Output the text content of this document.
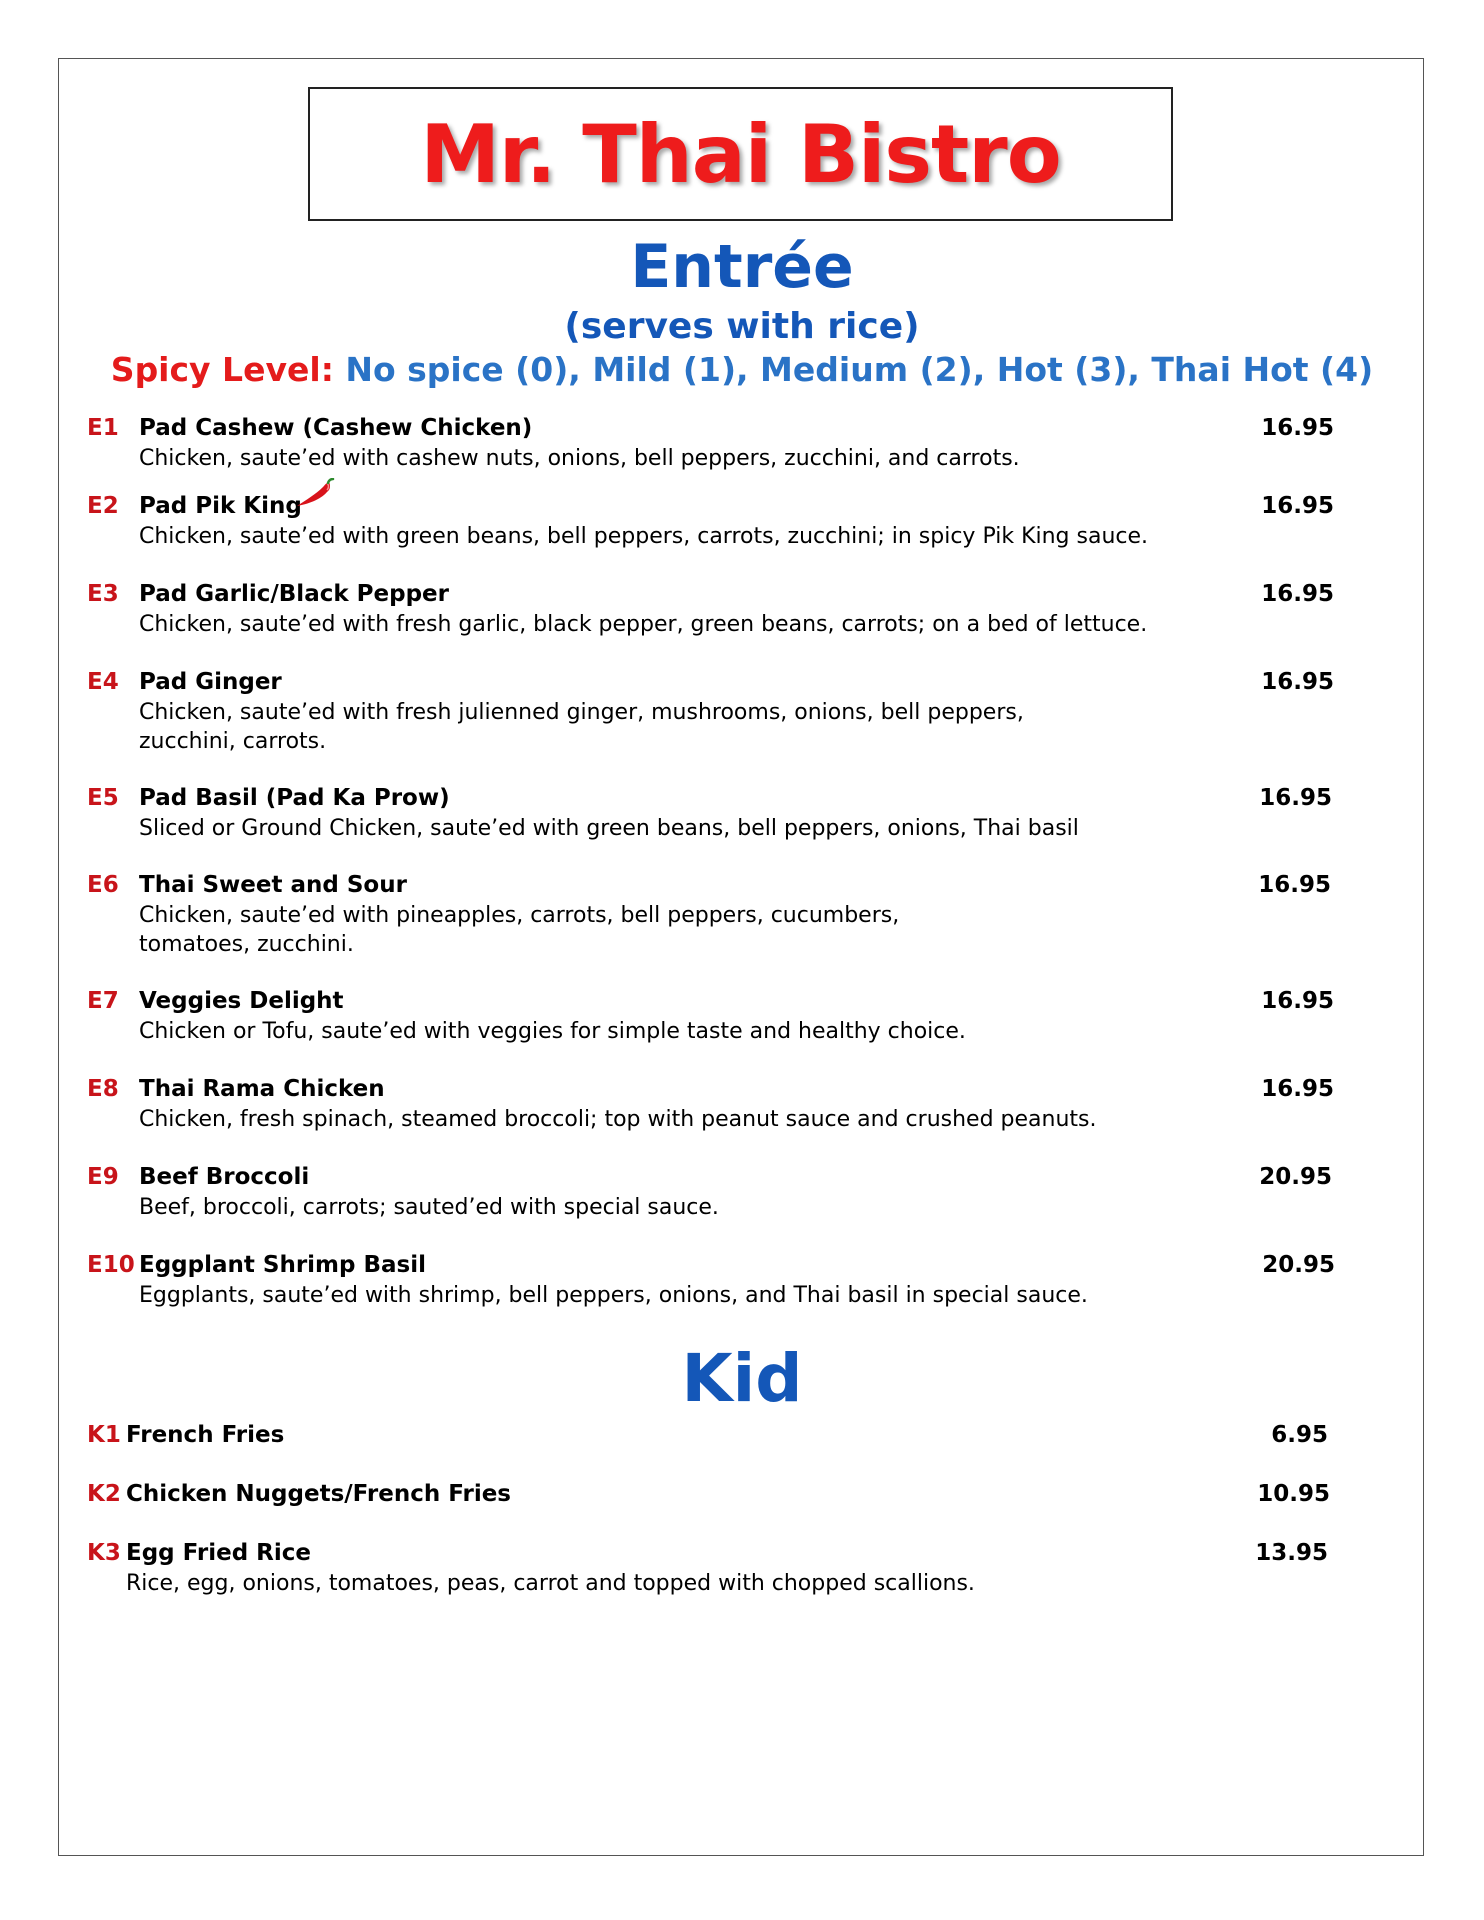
Mr. Thai Bistro
Entrée
(serves with rice)
Spicy Level: No spice (0), Mild (1), Medium (2), Hot (3), Thai Hot (4)
E1 Pad Cashew (Cashew Chicken)	16.95
Chicken, saute’ed with cashew nuts, onions, bell peppers, zucchini, and carrots.
E2 Pad Pik King	16.95
Chicken, saute’ed with green beans, bell peppers, carrots, zucchini; in spicy Pik King sauce.
E3 Pad Garlic/Black Pepper	16.95
Chicken, saute’ed with fresh garlic, black pepper, green beans, carrots; on a bed of lettuce.
E4 Pad Ginger	16.95
Chicken, saute’ed with fresh julienned ginger, mushrooms, onions, bell peppers,
zucchini, carrots.
E5 Pad Basil (Pad Ka Prow)	16.95
Sliced or Ground Chicken, saute’ed with green beans, bell peppers, onions, Thai basil
E6 Thai Sweet and Sour	16.95
Chicken, saute’ed with pineapples, carrots, bell peppers, cucumbers,
tomatoes, zucchini.
E7 Veggies Delight	16.95
Chicken or Tofu, saute’ed with veggies for simple taste and healthy choice.
E8 Thai Rama Chicken	16.95
Chicken, fresh spinach, steamed broccoli; top with peanut sauce and crushed peanuts.
E9 Beef Broccoli	20.95
Beef, broccoli, carrots; sauted’ed with special sauce.
E10 Eggplant Shrimp Basil	20.95
Eggplants, saute’ed with shrimp, bell peppers, onions, and Thai basil in special sauce.
Kid
K1 French Fries	6.95
K2 Chicken Nuggets/French Fries	10.95
K3 Egg Fried Rice	13.95
Rice, egg, onions, tomatoes, peas, carrot and topped with chopped scallions.
